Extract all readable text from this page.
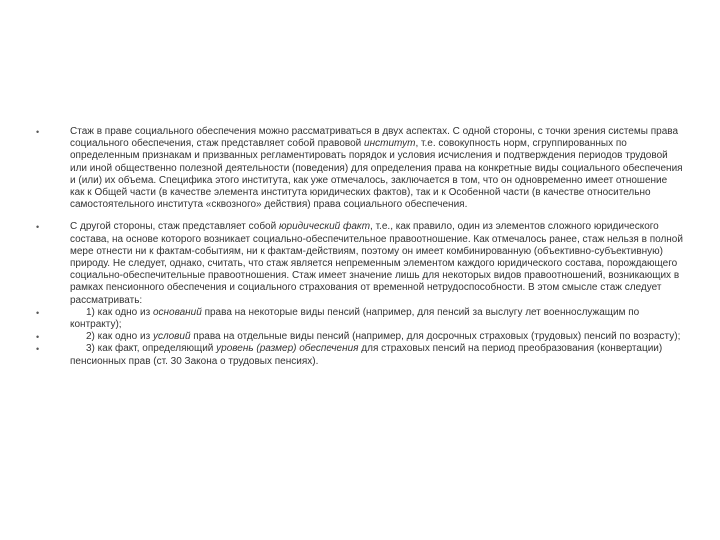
•	Стаж в праве социального обеспечения можно рассматриваться в двух аспектах. С одной стороны, с точки зрения системы права социального обеспечения, стаж представляет собой правовой институт, т.е. совокупность норм, сгруппированных по определенным признакам и призванных регламентировать порядок и условия исчисления и подтверждения периодов трудовой или иной общественно полезной деятельности (поведения) для определения права на конкретные виды социального обеспечения и (или) их объема. Специфика этого института, как уже отмечалось, заключается в том, что он одновременно имеет отношение как к Общей части (в качестве элемента института юридических фактов), так и к Особенной части (в качестве относительно самостоятельного института «сквозного» действия) права социального обеспечения.
•	С другой стороны, стаж представляет собой юридический факт, т.е., как правило, один из элементов сложного юридического состава, на основе которого возникает социально-обеспечительное правоотношение. Как отмечалось ранее, стаж нельзя в полной мере отнести ни к фактам-событиям, ни к фактам-действиям, поэтому он имеет комбинированную (объективно-субъективную) природу. Не следует, однако, считать, что стаж является непременным элементом каждого юридического состава, порождающего социально-обеспечительные правоотношения. Стаж имеет значение лишь для некоторых видов правоотношений, возникающих в рамках пенсионного обеспечения и социального страхования от временной нетрудоспособности. В этом смысле стаж следует рассматривать:
•	1) как одно из оснований права на некоторые виды пенсий (например, для пенсий за выслугу лет военнослужащим по контракту);
•	2) как одно из условий права на отдельные виды пенсий (например, для досрочных страховых (трудовых) пенсий по возрасту);
•	3) как факт, определяющий уровень (размер) обеспечения для страховых пенсий на период преобразования (конвертации) пенсионных прав (ст. 30 Закона о трудовых пенсиях).
